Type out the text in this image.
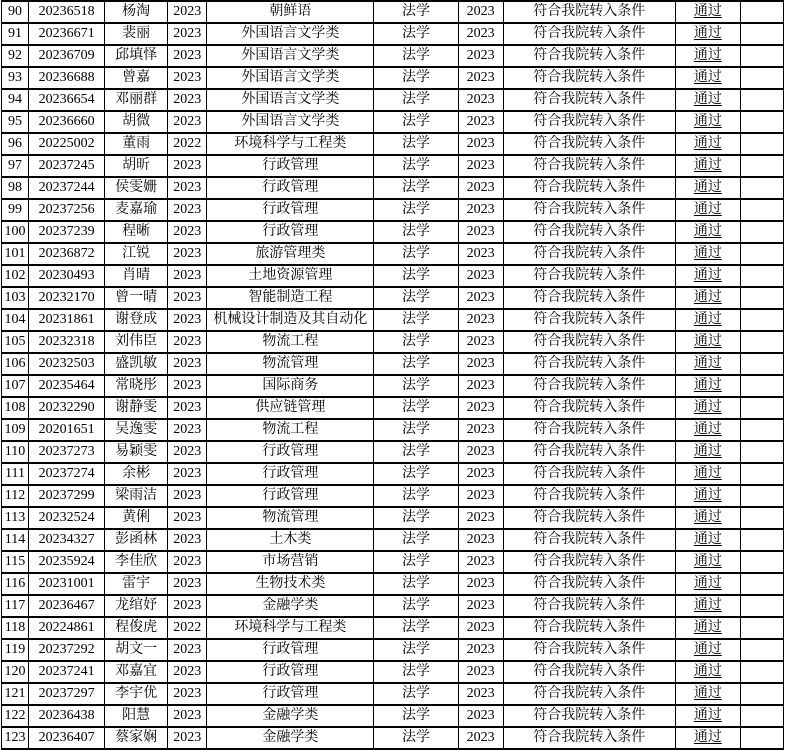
90	20236518	杨淘	2023	朝鲜语	法学	2023	符合我院转入条件	通过	
91	20236671	裴丽	2023	外国语言文学类	法学	2023	符合我院转入条件	通过	
92	20236709	邱填怿	2023	外国语言文学类	法学	2023	符合我院转入条件	通过	
93	20236688	曾嘉	2023	外国语言文学类	法学	2023	符合我院转入条件	通过	
94	20236654	邓丽群	2023	外国语言文学类	法学	2023	符合我院转入条件	通过	
95	20236660	胡微	2023	外国语言文学类	法学	2023	符合我院转入条件	通过	
96	20225002	董雨	2022	环境科学与工程类	法学	2023	符合我院转入条件	通过	
97	20237245	胡昕	2023	行政管理	法学	2023	符合我院转入条件	通过	
98	20237244	侯雯姗	2023	行政管理	法学	2023	符合我院转入条件	通过	
99	20237256	麦嘉瑜	2023	行政管理	法学	2023	符合我院转入条件	通过	
100	20237239	程晰	2023	行政管理	法学	2023	符合我院转入条件	通过	
101	20236872	江锐	2023	旅游管理类	法学	2023	符合我院转入条件	通过	
102	20230493	肖晴	2023	土地资源管理	法学	2023	符合我院转入条件	通过	
103	20232170	曾一晴	2023	智能制造工程	法学	2023	符合我院转入条件	通过	
104	20231861	谢登成	2023	机械设计制造及其自动化	法学	2023	符合我院转入条件	通过	
105	20232318	刘伟臣	2023	物流工程	法学	2023	符合我院转入条件	通过	
106	20232503	盛凯敏	2023	物流管理	法学	2023	符合我院转入条件	通过	
107	20235464	常晓彤	2023	国际商务	法学	2023	符合我院转入条件	通过	
108	20232290	谢静雯	2023	供应链管理	法学	2023	符合我院转入条件	通过	
109	20201651	吴逸雯	2023	物流工程	法学	2023	符合我院转入条件	通过	
110	20237273	易颖雯	2023	行政管理	法学	2023	符合我院转入条件	通过	
111	20237274	余彬	2023	行政管理	法学	2023	符合我院转入条件	通过	
112	20237299	梁雨洁	2023	行政管理	法学	2023	符合我院转入条件	通过	
113	20232524	黄俐	2023	物流管理	法学	2023	符合我院转入条件	通过	
114	20234327	彭函林	2023	土木类	法学	2023	符合我院转入条件	通过	
115	20235924	李佳欣	2023	市场营销	法学	2023	符合我院转入条件	通过	
116	20231001	雷宇	2023	生物技术类	法学	2023	符合我院转入条件	通过	
117	20236467	龙绾妤	2023	金融学类	法学	2023	符合我院转入条件	通过	
118	20224861	程俊虎	2022	环境科学与工程类	法学	2023	符合我院转入条件	通过	
119	20237292	胡文一	2023	行政管理	法学	2023	符合我院转入条件	通过	
120	20237241	邓嘉宜	2023	行政管理	法学	2023	符合我院转入条件	通过	
121	20237297	李宇优	2023	行政管理	法学	2023	符合我院转入条件	通过	
122	20236438	阳慧	2023	金融学类	法学	2023	符合我院转入条件	通过	
123	20236407	蔡家娴	2023	金融学类	法学	2023	符合我院转入条件	通过	
